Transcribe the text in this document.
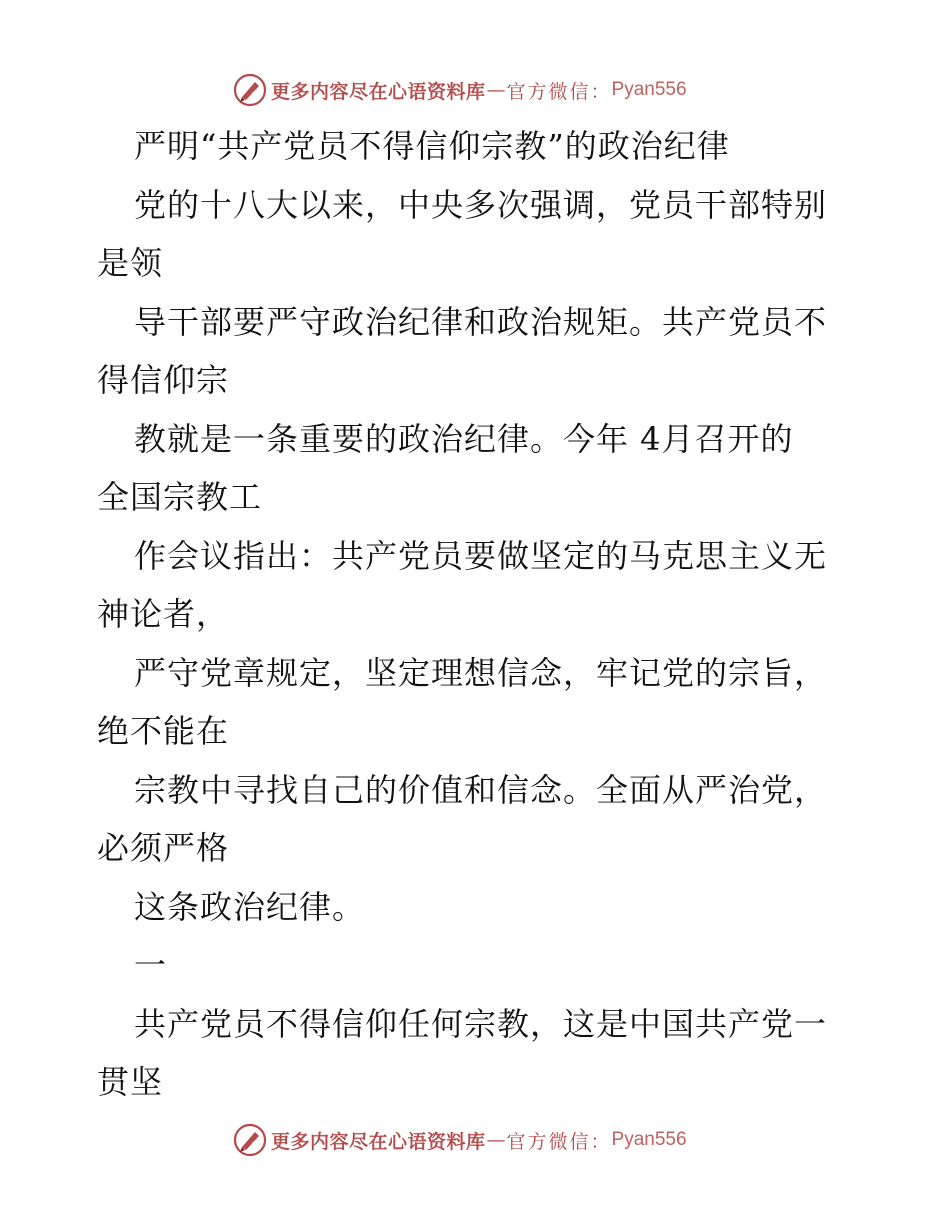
更多内容尽在心语资料库 — 官方微信： Pyan556
严明“共产党员不得信仰宗教”的政治纪律
党的十八大以来，中央多次强调，党员干部特别
是领
导干部要严守政治纪律和政治规矩。共产党员不
得信仰宗
教就是一条重要的政治纪律。今年 4月召开的
全国宗教工
作会议指出：共产党员要做坚定的马克思主义无
神论者，
严守党章规定，坚定理想信念，牢记党的宗旨，
绝不能在
宗教中寻找自己的价值和信念。全面从严治党，
必须严格
这条政治纪律。
一
共产党员不得信仰任何宗教，这是中国共产党一
贯坚
更多内容尽在心语资料库 — 官方微信： Pyan556
